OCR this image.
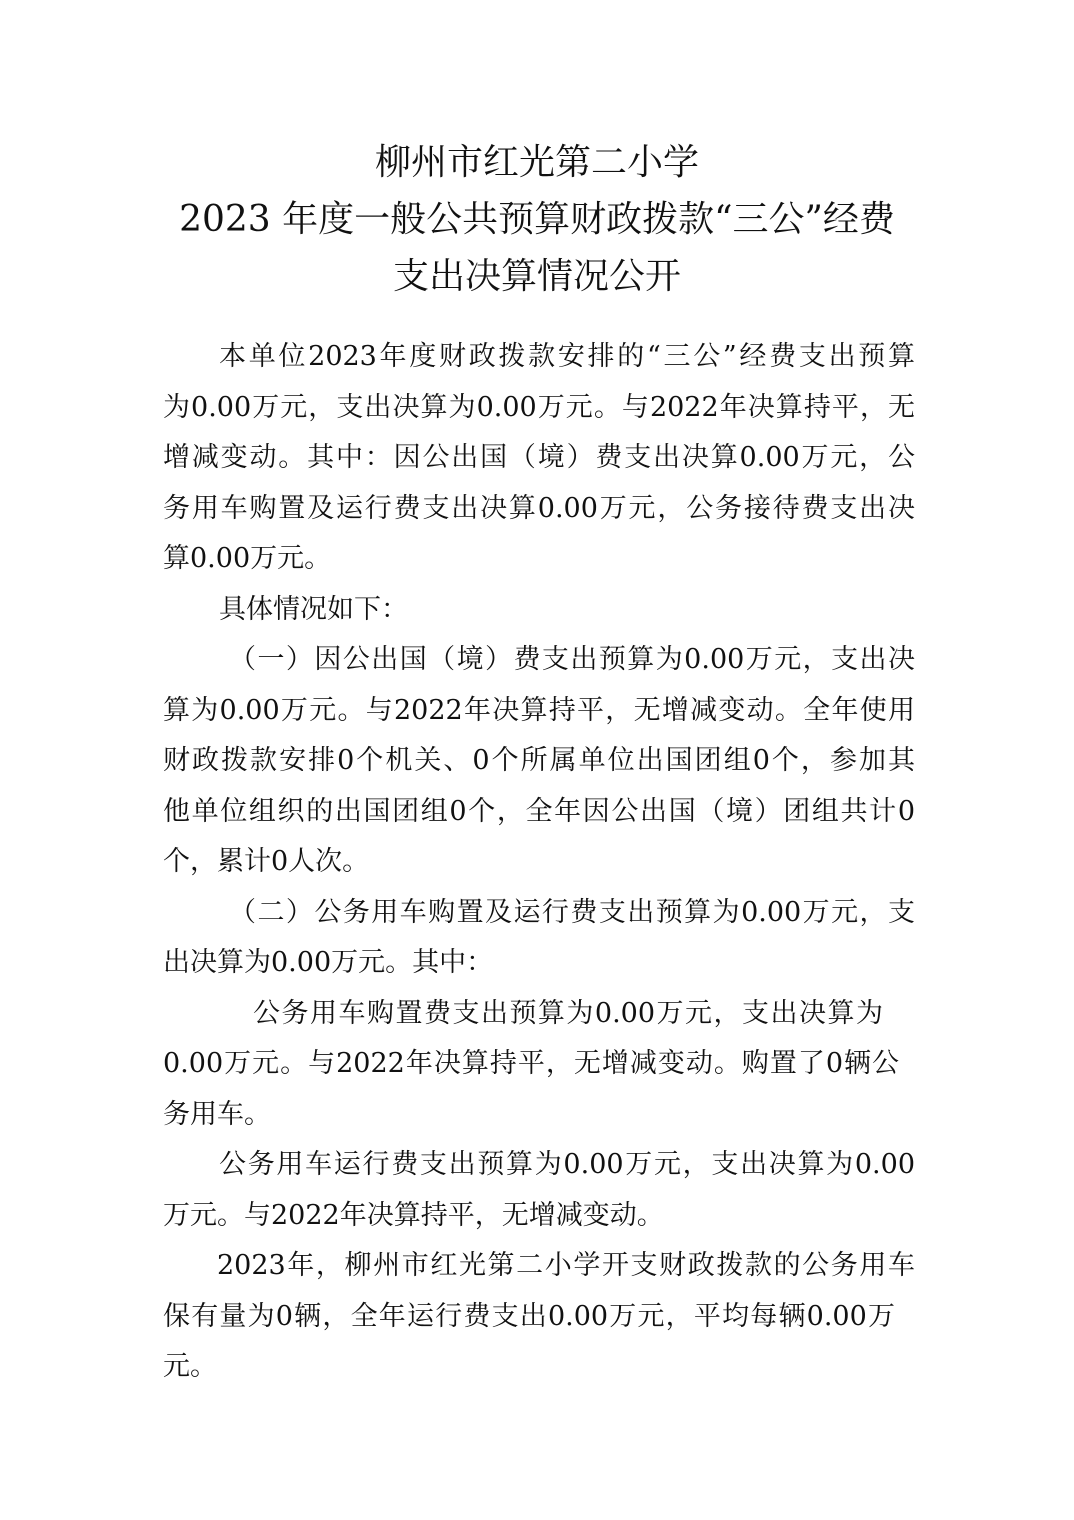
柳州市红光第二小学
2023 年度一般公共预算财政拨款“三公”经费
支出决算情况公开
本单位2023年度财政拨款安排的“三公”经费支出预算
为0.00万元，支出决算为0.00万元。与2022年决算持平，无
增减变动。其中：因公出国（境）费支出决算0.00万元，公
务用车购置及运行费支出决算0.00万元，公务接待费支出决
算0.00万元。
具体情况如下：
（一）因公出国（境）费支出预算为0.00万元，支出决
算为0.00万元。与2022年决算持平，无增减变动。全年使用
财政拨款安排0个机关、0个所属单位出国团组0个，参加其
他单位组织的出国团组0个，全年因公出国（境）团组共计0
个，累计0人次。
（二）公务用车购置及运行费支出预算为0.00万元，支
出决算为0.00万元。其中：
公务用车购置费支出预算为0.00万元，支出决算为
0.00万元。与2022年决算持平，无增减变动。购置了0辆公
务用车。
公务用车运行费支出预算为0.00万元，支出决算为0.00
万元。与2022年决算持平，无增减变动。
2023年，柳州市红光第二小学开支财政拨款的公务用车
保有量为0辆，全年运行费支出0.00万元，平均每辆0.00万
元。
